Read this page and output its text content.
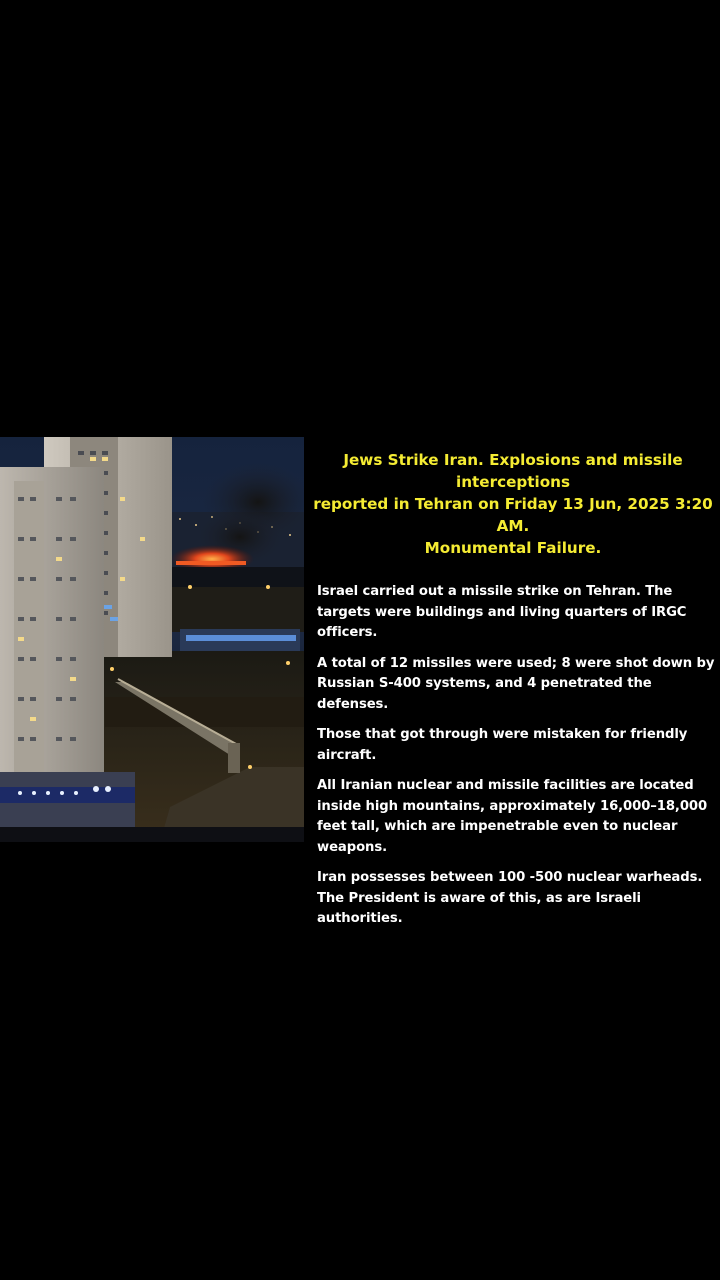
Jews Strike Iran. Explosions and missile interceptions
reported in Tehran on Friday 13 Jun, 2025 3:20 AM.
Monumental Failure.

Israel carried out a missile strike on Tehran. The targets were buildings and living quarters of IRGC officers.

A total of 12 missiles were used; 8 were shot down by Russian S-400 systems, and 4 penetrated the defenses.

Those that got through were mistaken for friendly aircraft.

All Iranian nuclear and missile facilities are located inside high mountains, approximately 16,000–18,000 feet tall, which are impenetrable even to nuclear weapons.

Iran possesses between 100 -500 nuclear warheads. The President is aware of this, as are Israeli authorities.
